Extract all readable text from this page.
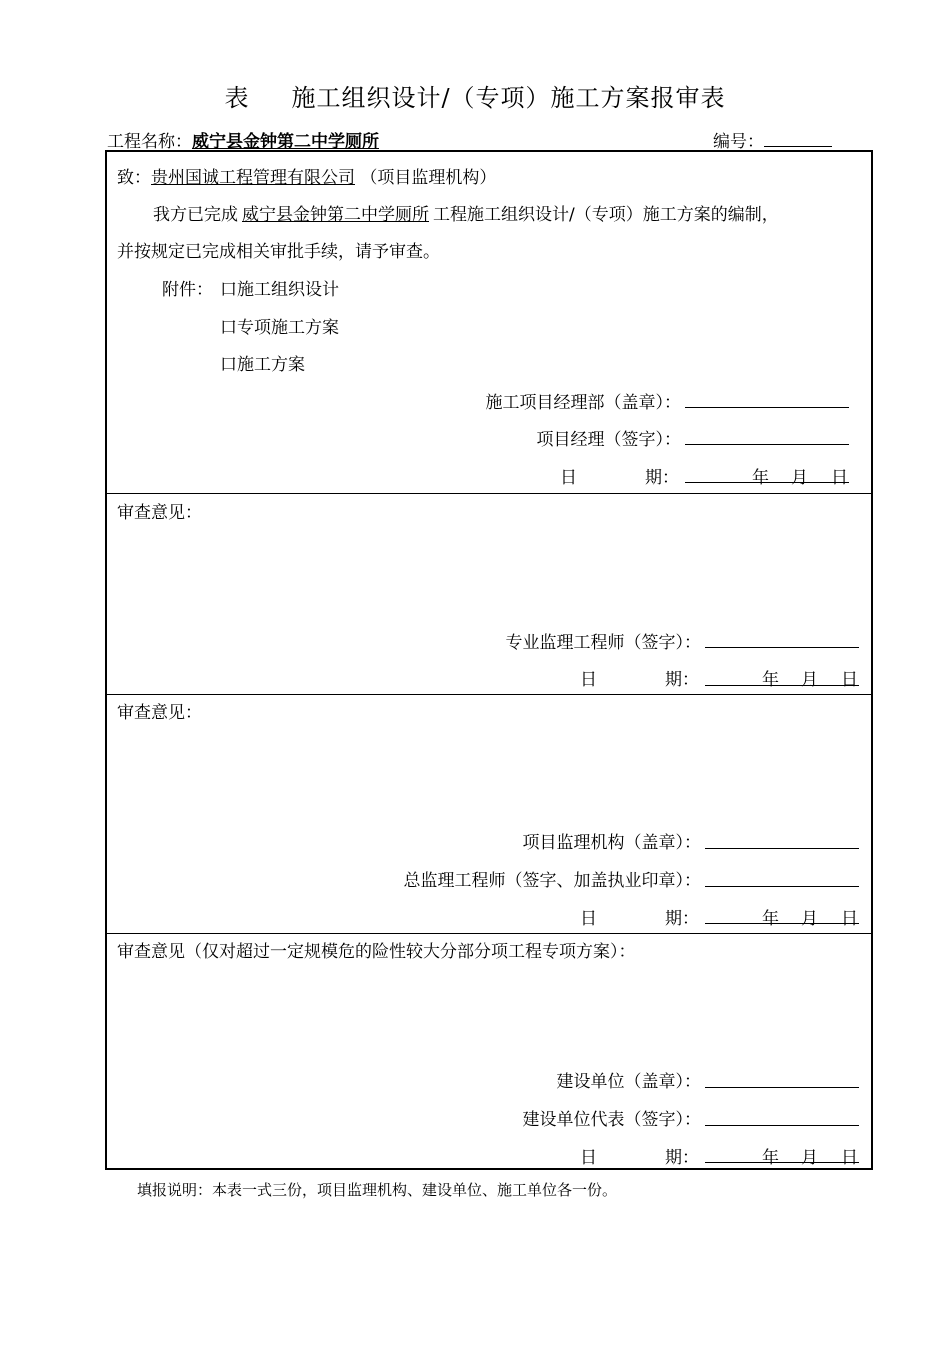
表 施工组织设计/（专项）施工方案报审表
工程名称：威宁县金钟第二中学厕所	编号：
致：贵州国诚工程管理有限公司 （项目监理机构）
我方已完成 威宁县金钟第二中学厕所 工程施工组织设计/（专项）施工方案的编制，
并按规定已完成相关审批手续，请予审查。
附件： 口施工组织设计
口专项施工方案
口施工方案
施工项目经理部（盖章）：
项目经理（签字）：
日	期：	年 月 日
审查意见：
专业监理工程师（签字）：
日	期：	年 月 日
审查意见：
项目监理机构（盖章）：
总监理工程师（签字、加盖执业印章）：
日	期：	年 月 日
审查意见（仅对超过一定规模危的险性较大分部分项工程专项方案）：
建设单位（盖章）：
建设单位代表（签字）：
日	期：	年 月 日
填报说明：本表一式三份，项目监理机构、建设单位、施工单位各一份。
